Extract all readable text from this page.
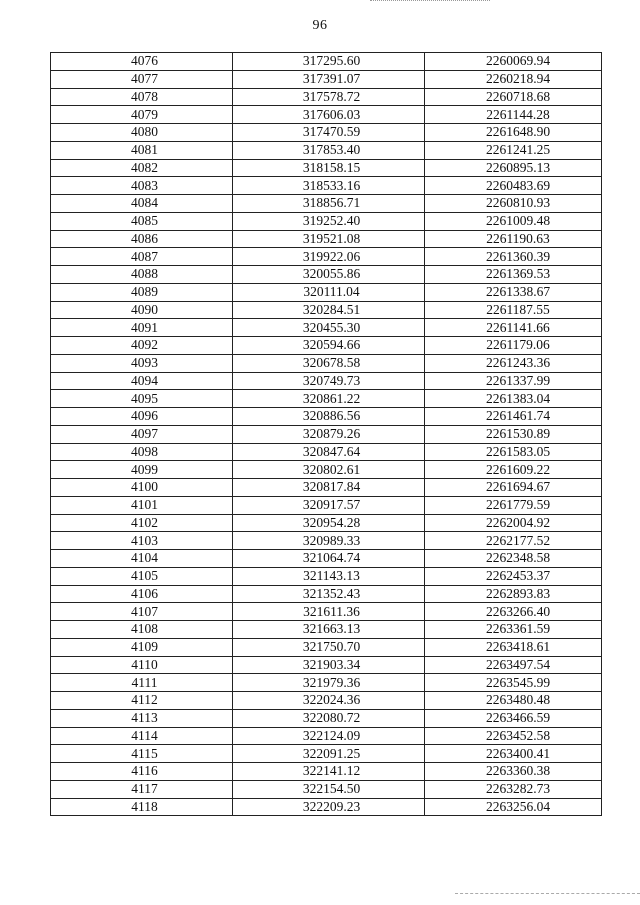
96
4076	317295.60	2260069.94
4077	317391.07	2260218.94
4078	317578.72	2260718.68
4079	317606.03	2261144.28
4080	317470.59	2261648.90
4081	317853.40	2261241.25
4082	318158.15	2260895.13
4083	318533.16	2260483.69
4084	318856.71	2260810.93
4085	319252.40	2261009.48
4086	319521.08	2261190.63
4087	319922.06	2261360.39
4088	320055.86	2261369.53
4089	320111.04	2261338.67
4090	320284.51	2261187.55
4091	320455.30	2261141.66
4092	320594.66	2261179.06
4093	320678.58	2261243.36
4094	320749.73	2261337.99
4095	320861.22	2261383.04
4096	320886.56	2261461.74
4097	320879.26	2261530.89
4098	320847.64	2261583.05
4099	320802.61	2261609.22
4100	320817.84	2261694.67
4101	320917.57	2261779.59
4102	320954.28	2262004.92
4103	320989.33	2262177.52
4104	321064.74	2262348.58
4105	321143.13	2262453.37
4106	321352.43	2262893.83
4107	321611.36	2263266.40
4108	321663.13	2263361.59
4109	321750.70	2263418.61
4110	321903.34	2263497.54
4111	321979.36	2263545.99
4112	322024.36	2263480.48
4113	322080.72	2263466.59
4114	322124.09	2263452.58
4115	322091.25	2263400.41
4116	322141.12	2263360.38
4117	322154.50	2263282.73
4118	322209.23	2263256.04
